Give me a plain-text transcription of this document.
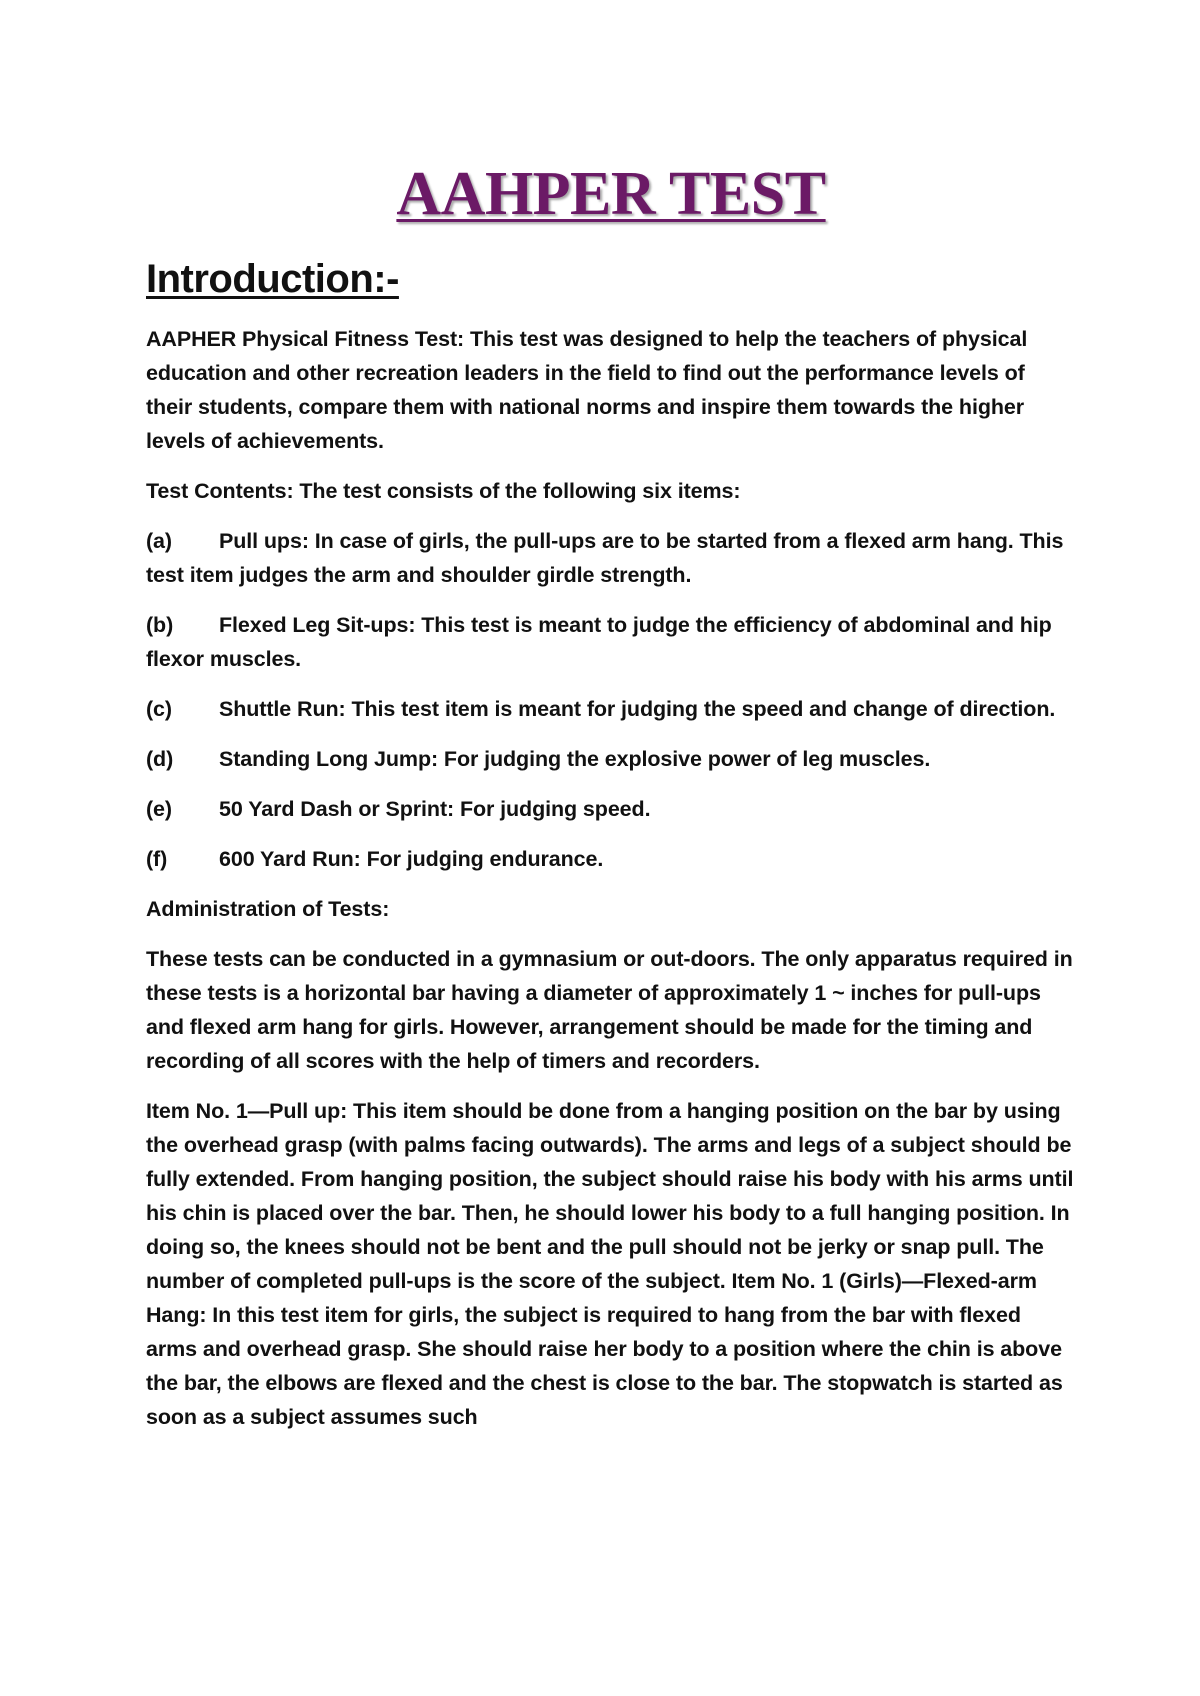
AAHPER TEST
Introduction:-

AAPHER Physical Fitness Test: This test was designed to help the teachers of physical education and other recreation leaders in the field to find out the performance levels of their students, compare them with national norms and inspire them towards the higher levels of achievements.

Test Contents: The test consists of the following six items:

(a) Pull ups: In case of girls, the pull-ups are to be started from a flexed arm hang. This test item judges the arm and shoulder girdle strength.

(b) Flexed Leg Sit-ups: This test is meant to judge the efficiency of abdominal and hip flexor muscles.

(c) Shuttle Run: This test item is meant for judging the speed and change of direction.

(d) Standing Long Jump: For judging the explosive power of leg muscles.

(e) 50 Yard Dash or Sprint: For judging speed.

(f) 600 Yard Run: For judging endurance.

Administration of Tests:

These tests can be conducted in a gymnasium or out-doors. The only apparatus required in these tests is a horizontal bar having a diameter of approximately 1 ~ inches for pull-ups and flexed arm hang for girls. However, arrangement should be made for the timing and recording of all scores with the help of timers and recorders.

Item No. 1—Pull up: This item should be done from a hanging position on the bar by using the overhead grasp (with palms facing outwards). The arms and legs of a subject should be fully extended. From hanging position, the subject should raise his body with his arms until his chin is placed over the bar. Then, he should lower his body to a full hanging position. In doing so, the knees should not be bent and the pull should not be jerky or snap pull. The number of completed pull-ups is the score of the subject. Item No. 1 (Girls)—Flexed-arm Hang: In this test item for girls, the subject is required to hang from the bar with flexed arms and overhead grasp. She should raise her body to a position where the chin is above the bar, the elbows are flexed and the chest is close to the bar. The stopwatch is started as soon as a subject assumes such
